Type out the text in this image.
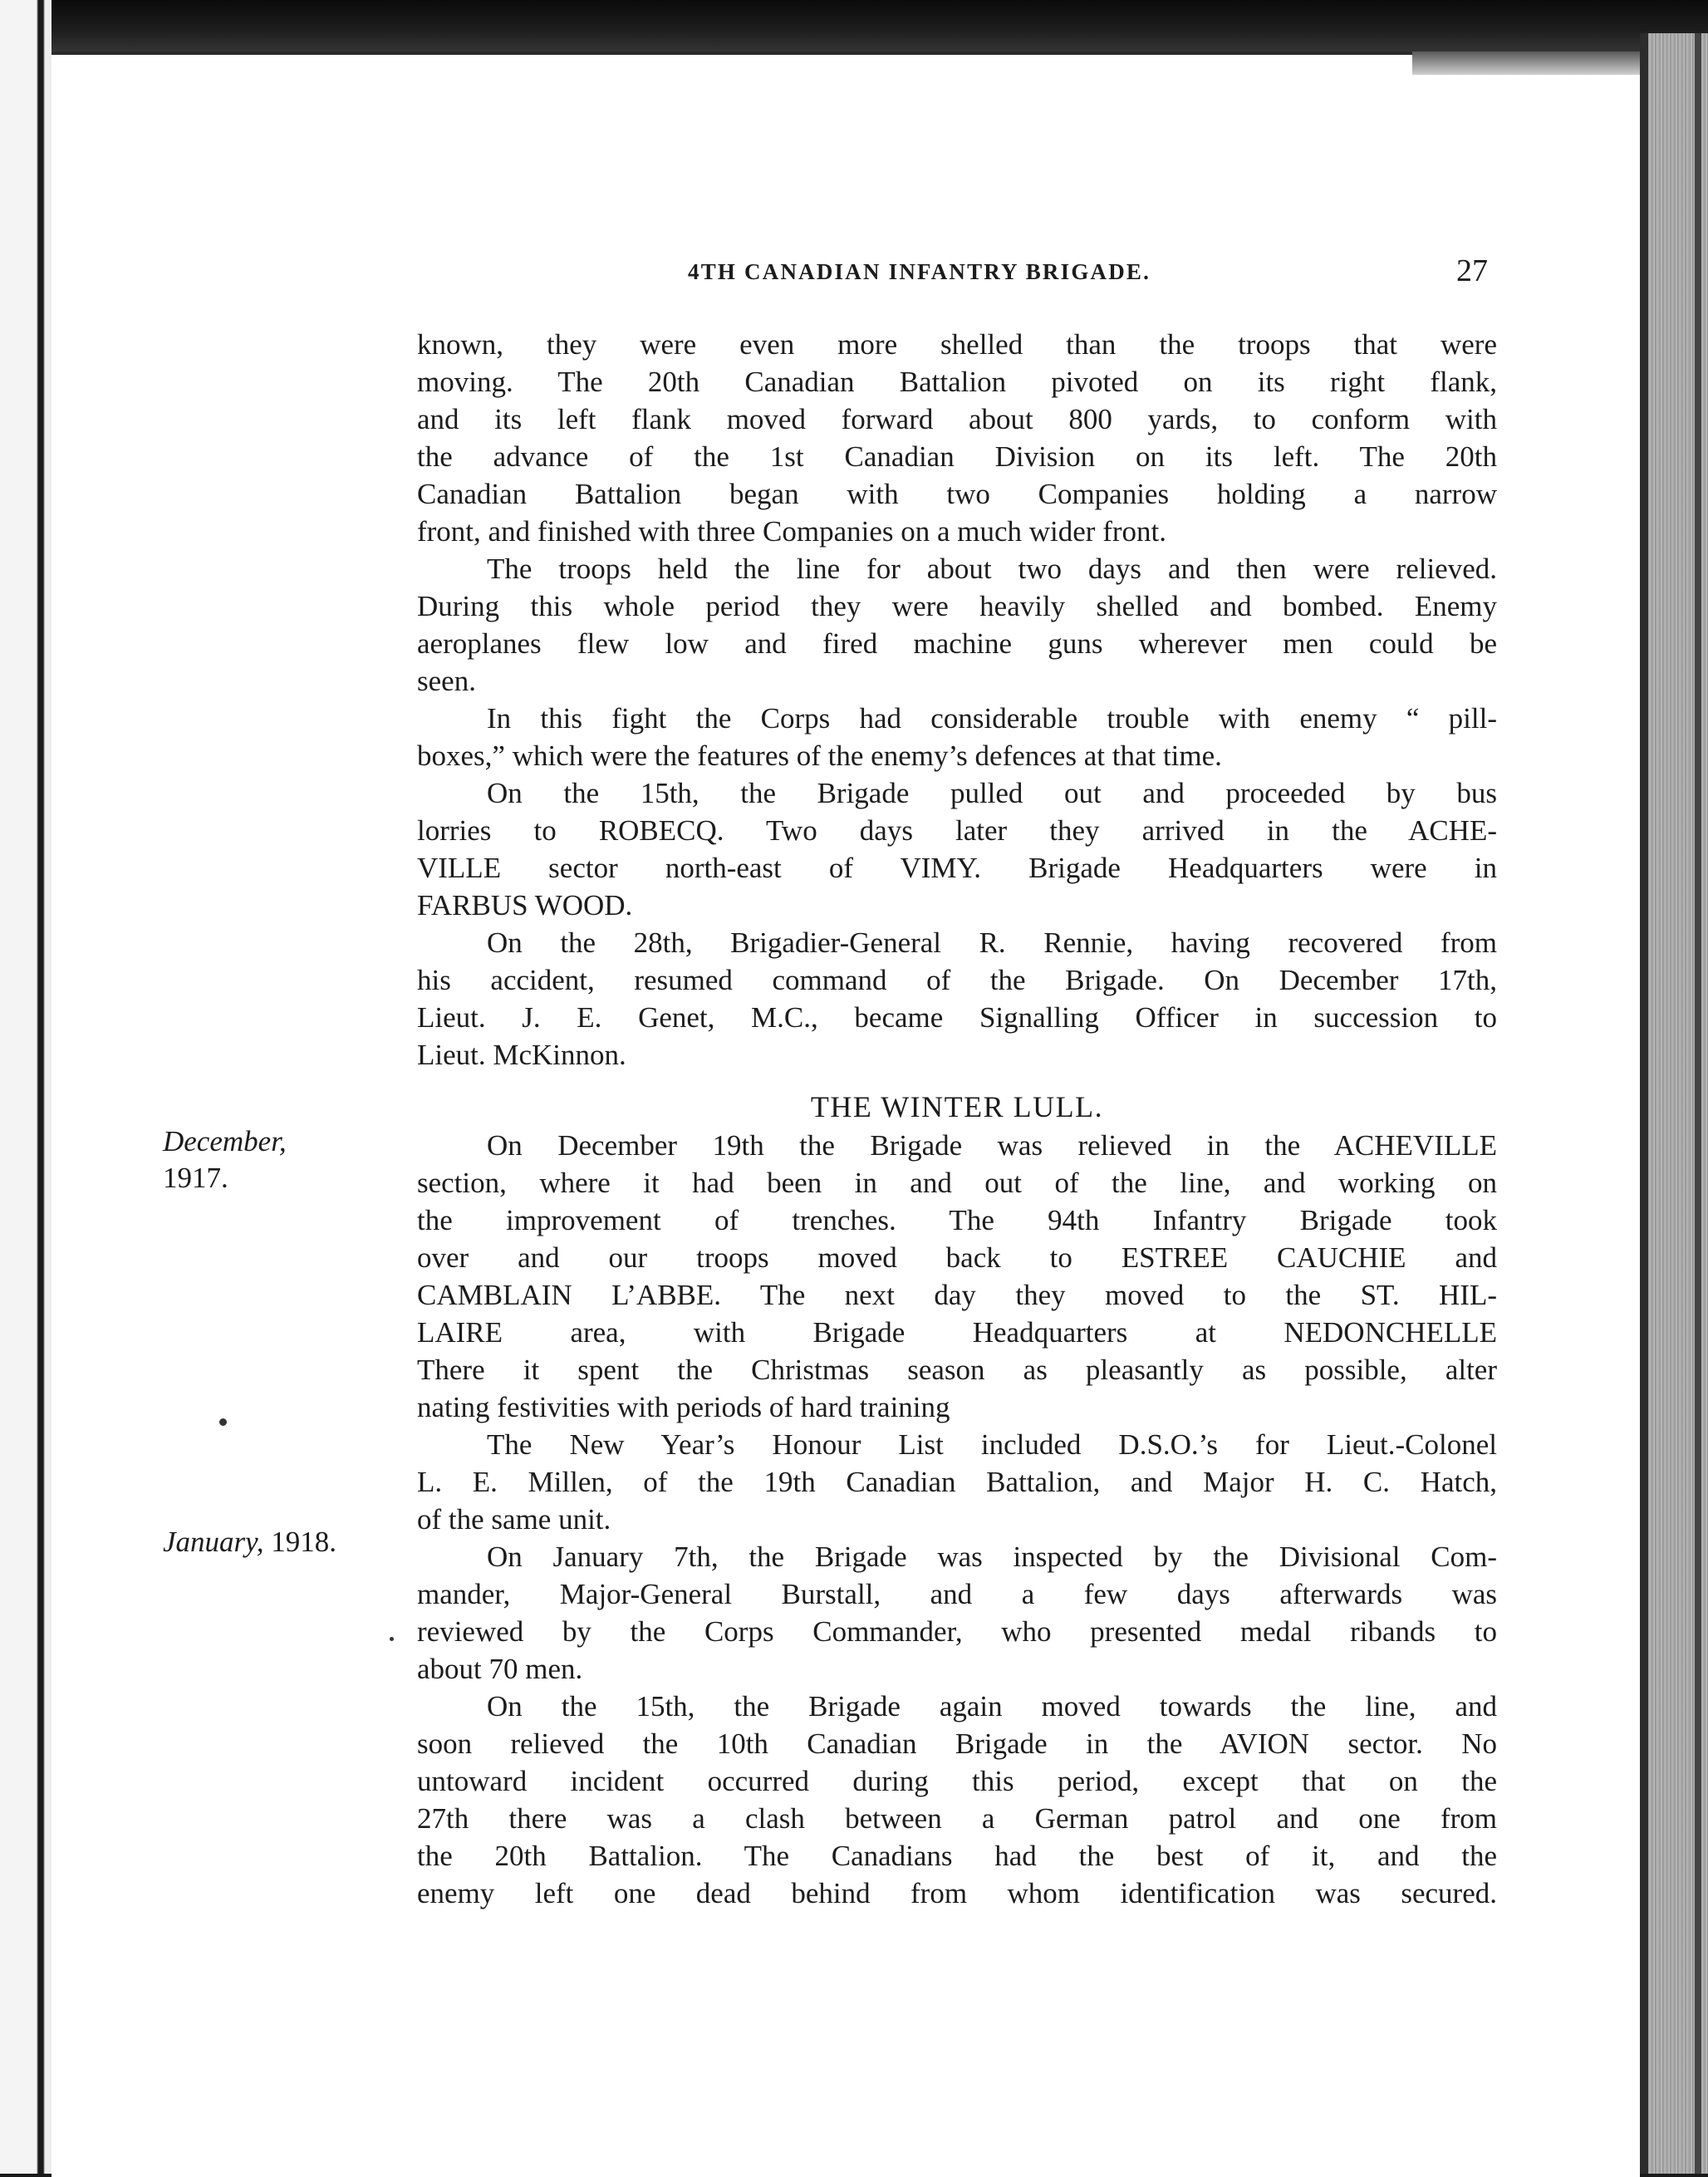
4TH CANADIAN INFANTRY BRIGADE.	27
December,
1917.
January, 1918.
known, they were even more shelled than the troops that were
moving. The 20th Canadian Battalion pivoted on its right flank,
and its left flank moved forward about 800 yards, to conform with
the advance of the 1st Canadian Division on its left. The 20th
Canadian Battalion began with two Companies holding a narrow
front, and finished with three Companies on a much wider front.
The troops held the line for about two days and then were relieved.
During this whole period they were heavily shelled and bombed. Enemy
aeroplanes flew low and fired machine guns wherever men could be
seen.
In this fight the Corps had considerable trouble with enemy “ pill-
boxes,” which were the features of the enemy’s defences at that time.
On the 15th, the Brigade pulled out and proceeded by bus
lorries to ROBECQ. Two days later they arrived in the ACHE-
VILLE sector north-east of VIMY. Brigade Headquarters were in
FARBUS WOOD.
On the 28th, Brigadier-General R. Rennie, having recovered from
his accident, resumed command of the Brigade. On December 17th,
Lieut. J. E. Genet, M.C., became Signalling Officer in succession to
Lieut. McKinnon.
THE WINTER LULL.
On December 19th the Brigade was relieved in the ACHEVILLE
section, where it had been in and out of the line, and working on
the improvement of trenches. The 94th Infantry Brigade took
over and our troops moved back to ESTREE CAUCHIE and
CAMBLAIN L’ABBE. The next day they moved to the ST. HIL-
LAIRE area, with Brigade Headquarters at NEDONCHELLE
There it spent the Christmas season as pleasantly as possible, alter
nating festivities with periods of hard training
The New Year’s Honour List included D.S.O.’s for Lieut.-Colonel
L. E. Millen, of the 19th Canadian Battalion, and Major H. C. Hatch,
of the same unit.
On January 7th, the Brigade was inspected by the Divisional Com-
mander, Major-General Burstall, and a few days afterwards was
reviewed by the Corps Commander, who presented medal ribands to
about 70 men.
On the 15th, the Brigade again moved towards the line, and
soon relieved the 10th Canadian Brigade in the AVION sector. No
untoward incident occurred during this period, except that on the
27th there was a clash between a German patrol and one from
the 20th Battalion. The Canadians had the best of it, and the
enemy left one dead behind from whom identification was secured.
